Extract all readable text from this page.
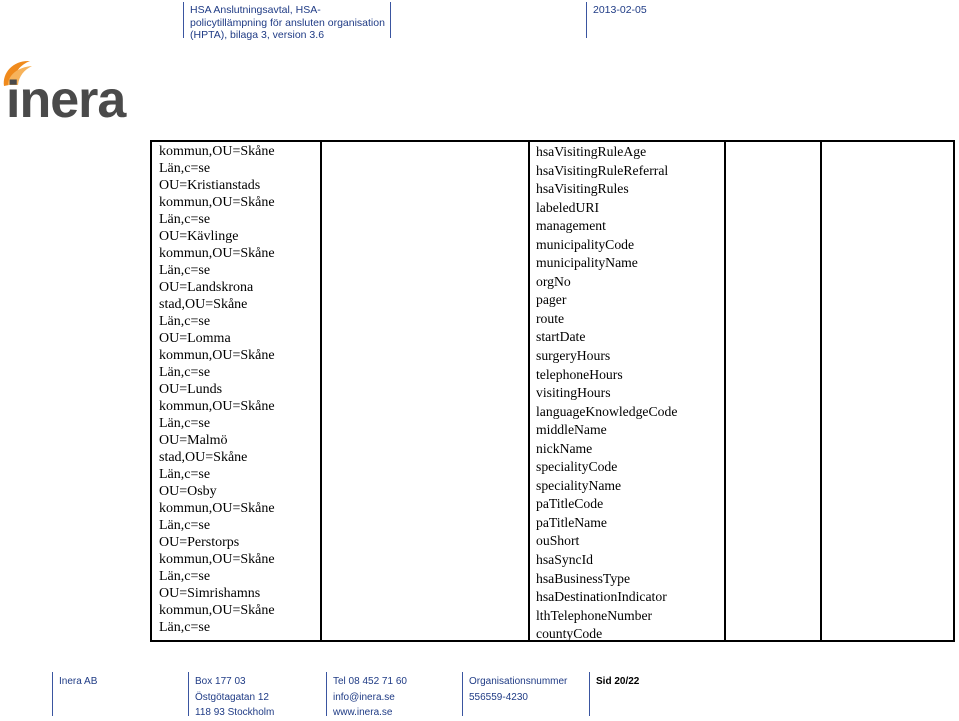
HSA Anslutningsavtal, HSA-policytillämpning för ansluten organisation (HPTA), bilaga 3, version 3.6
2013-02-05
inera
kommun,OU=Skåne
Län,c=se
OU=Kristianstads
kommun,OU=Skåne
Län,c=se
OU=Kävlinge
kommun,OU=Skåne
Län,c=se
OU=Landskrona
stad,OU=Skåne
Län,c=se
OU=Lomma
kommun,OU=Skåne
Län,c=se
OU=Lunds
kommun,OU=Skåne
Län,c=se
OU=Malmö
stad,OU=Skåne
Län,c=se
OU=Osby
kommun,OU=Skåne
Län,c=se
OU=Perstorps
kommun,OU=Skåne
Län,c=se
OU=Simrishamns
kommun,OU=Skåne
Län,c=se
hsaVisitingRuleAge
hsaVisitingRuleReferral
hsaVisitingRules
labeledURI
management
municipalityCode
municipalityName
orgNo
pager
route
startDate
surgeryHours
telephoneHours
visitingHours
languageKnowledgeCode
middleName
nickName
specialityCode
specialityName
paTitleCode
paTitleName
ouShort
hsaSyncId
hsaBusinessType
hsaDestinationIndicator
lthTelephoneNumber
countyCode
Inera AB	Box 177 03
Östgötagatan 12
118 93 Stockholm
Tel 08 452 71 60
info@inera.se
www.inera.se
Organisationsnummer
556559-4230
Sid 20/22
